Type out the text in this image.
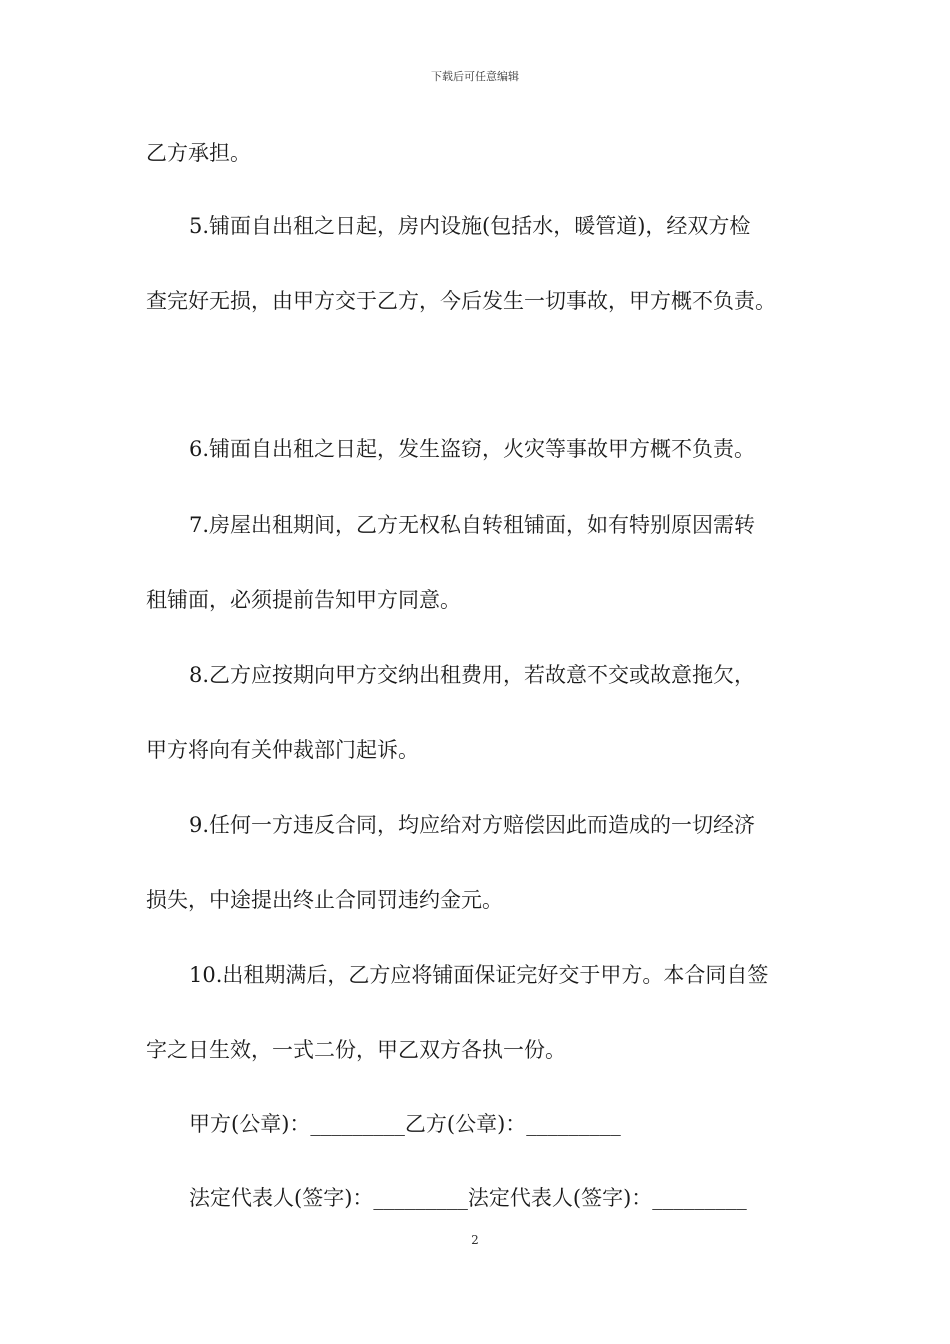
下载后可任意编辑
乙方承担。
5.铺面自出租之日起，房内设施(包括水，暖管道)，经双方检
查完好无损，由甲方交于乙方，今后发生一切事故，甲方概不负责。
6.铺面自出租之日起，发生盗窃，火灾等事故甲方概不负责。
7.房屋出租期间，乙方无权私自转租铺面，如有特别原因需转
租铺面，必须提前告知甲方同意。
8.乙方应按期向甲方交纳出租费用，若故意不交或故意拖欠，
甲方将向有关仲裁部门起诉。
9.任何一方违反合同，均应给对方赔偿因此而造成的一切经济
损失，中途提出终止合同罚违约金元。
10.出租期满后，乙方应将铺面保证完好交于甲方。本合同自签
字之日生效，一式二份，甲乙双方各执一份。
甲方(公章)：_________乙方(公章)：_________
法定代表人(签字)：_________法定代表人(签字)：_________
2
